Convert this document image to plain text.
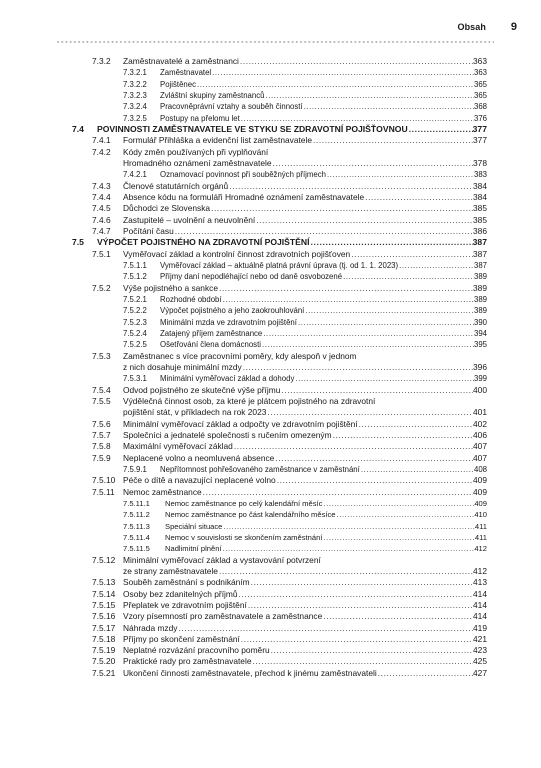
Obsah 9
7.3.2 Zaměstnavatelé a zaměstnanci .....	363
7.3.2.1 Zaměstnavatel .....	363
7.3.2.2 Pojištěnec .....	365
7.3.2.3 Zvláštní skupiny zaměstnanců .....	365
7.3.2.4 Pracovněprávní vztahy a souběh činností .....	368
7.3.2.5 Postupy na přelomu let .....	376
7.4 POVINNOSTI ZAMĚSTNAVATELE VE STYKU SE ZDRAVOTNÍ POJIŠŤOVNOU .....	377
7.4.1 Formulář Přihláška a evidenční list zaměstnavatele .....	377
7.4.2 Kódy změn používaných při vyplňování
Hromadného oznámení zaměstnavatele .....	378
7.4.2.1 Oznamovací povinnost při souběžných příjmech .....	383
7.4.3 Členové statutárních orgánů .....	384
7.4.4 Absence kódu na formuláři Hromadné oznámení zaměstnavatele .....	384
7.4.5 Důchodci ze Slovenska .....	385
7.4.6 Zastupitelé – uvolnění a neuvolnění .....	385
7.4.7 Počítání času .....	386
7.5 VÝPOČET POJISTNÉHO NA ZDRAVOTNÍ POJIŠTĚNÍ .....	387
7.5.1 Vyměřovací základ a kontrolní činnost zdravotních pojišťoven .....	387
7.5.1.1 Vyměřovací základ – aktuálně platná právní úprava (tj. od 1. 1. 2023) .....	387
7.5.1.2 Příjmy daní nepodléhající nebo od daně osvobozené .....	389
7.5.2 Výše pojistného a sankce .....	389
7.5.2.1 Rozhodné období .....	389
7.5.2.2 Výpočet pojistného a jeho zaokrouhlování .....	389
7.5.2.3 Minimální mzda ve zdravotním pojištění .....	390
7.5.2.4 Zatajený příjem zaměstnance .....	394
7.5.2.5 Ošetřování člena domácnosti .....	395
7.5.3 Zaměstnanec s více pracovními poměry, kdy alespoň v jednom
z nich dosahuje minimální mzdy .....	396
7.5.3.1 Minimální vyměřovací základ a dohody .....	399
7.5.4 Odvod pojistného ze skutečné výše příjmu .....	400
7.5.5 Výdělečná činnost osob, za které je plátcem pojistného na zdravotní
pojištění stát, v příkladech na rok 2023 .....	401
7.5.6 Minimální vyměřovací základ a odpočty ve zdravotním pojištění .....	402
7.5.7 Společníci a jednatelé společnosti s ručením omezeným .....	406
7.5.8 Maximální vyměřovací základ .....	407
7.5.9 Neplacené volno a neomluvená absence .....	407
7.5.9.1 Nepřítomnost pohřešovaného zaměstnance v zaměstnání .....	408
7.5.10 Péče o dítě a navazující neplacené volno .....	409
7.5.11 Nemoc zaměstnance .....	409
7.5.11.1 Nemoc zaměstnance po celý kalendářní měsíc .....	409
7.5.11.2 Nemoc zaměstnance po část kalendářního měsíce .....	410
7.5.11.3 Speciální situace .....	411
7.5.11.4 Nemoc v souvislosti se skončením zaměstnání .....	411
7.5.11.5 Nadlimitní plnění .....	412
7.5.12 Minimální vyměřovací základ a vystavování potvrzení
ze strany zaměstnavatele .....	412
7.5.13 Souběh zaměstnání s podnikáním .....	413
7.5.14 Osoby bez zdanitelných příjmů .....	414
7.5.15 Přeplatek ve zdravotním pojištění .....	414
7.5.16 Vzory písemností pro zaměstnavatele a zaměstnance .....	414
7.5.17 Náhrada mzdy .....	419
7.5.18 Příjmy po skončení zaměstnání .....	421
7.5.19 Neplatné rozvázání pracovního poměru .....	423
7.5.20 Praktické rady pro zaměstnavatele .....	425
7.5.21 Ukončení činnosti zaměstnavatele, přechod k jinému zaměstnavateli .....	427
